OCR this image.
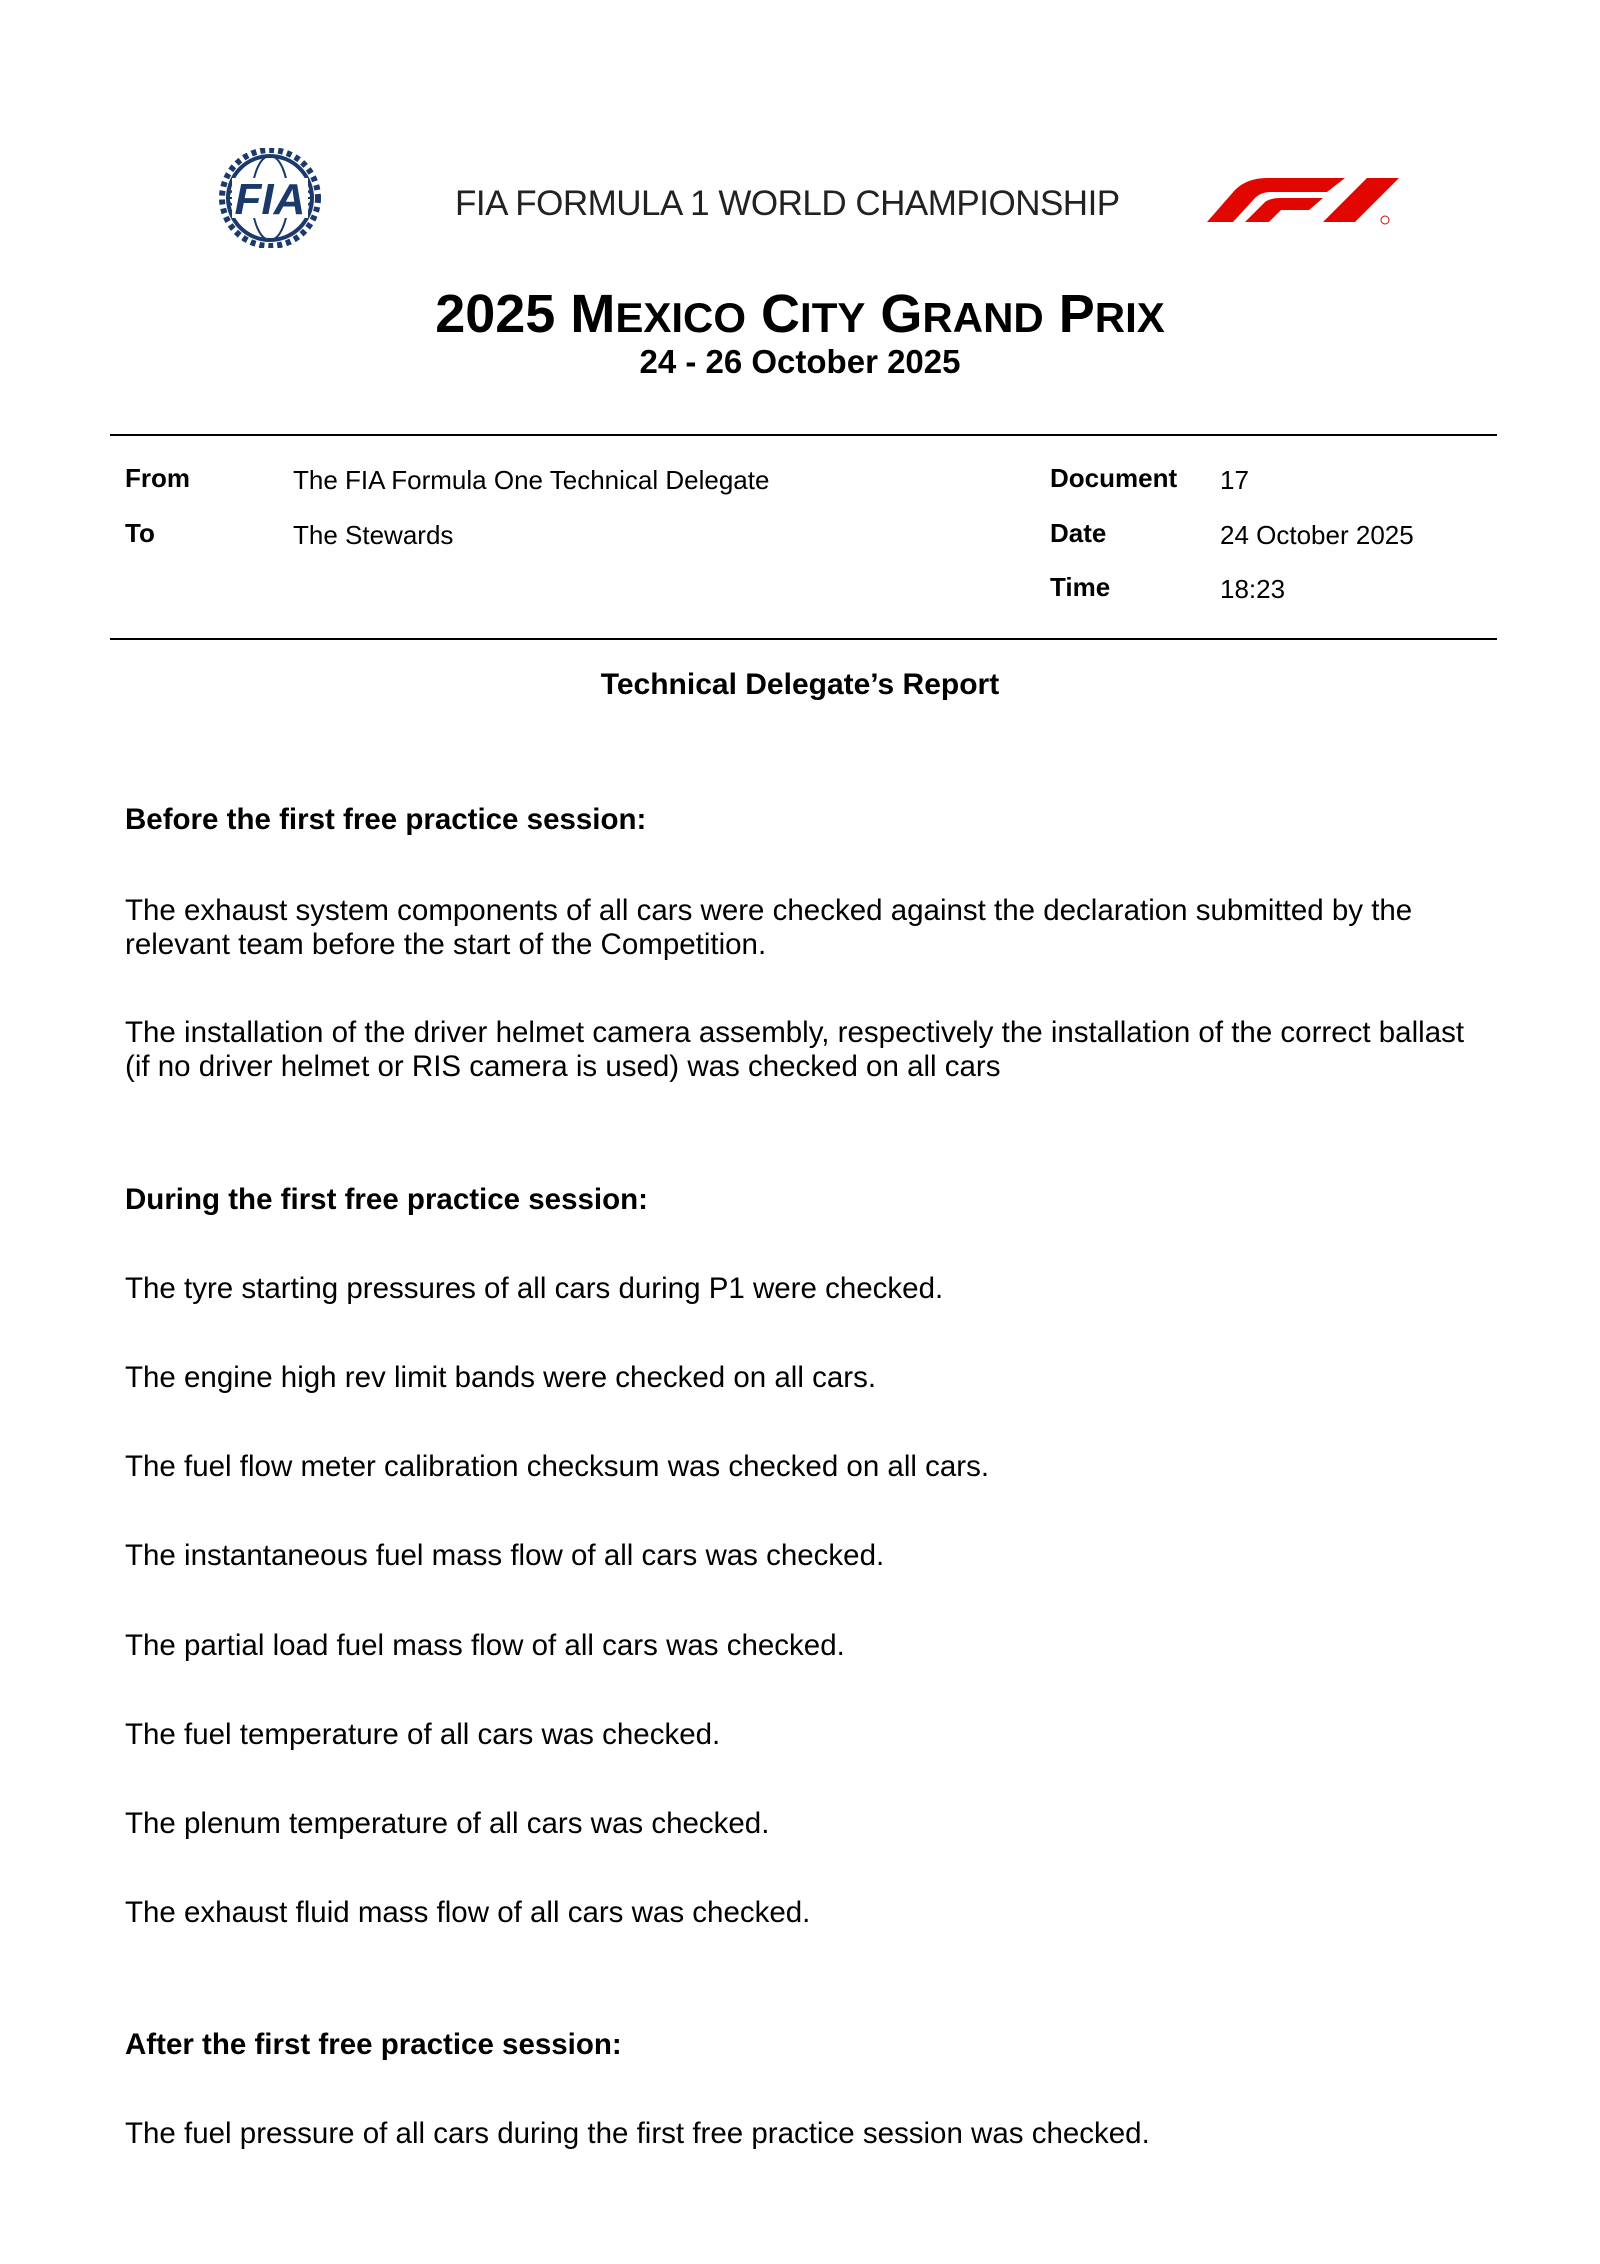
FIA	FIA FORMULA 1 WORLD CHAMPIONSHIP
2025 MEXICO CITY GRAND PRIX
24 - 26 October 2025
From	The FIA Formula One Technical Delegate
To	The Stewards
Document 17
Date	24 October 2025
Time	18:23
Technical Delegate’s Report
Before the first free practice session:
The exhaust system components of all cars were checked against the declaration submitted by the relevant team before the start of the Competition.
The installation of the driver helmet camera assembly, respectively the installation of the correct ballast (if no driver helmet or RIS camera is used) was checked on all cars
During the first free practice session:
The tyre starting pressures of all cars during P1 were checked.
The engine high rev limit bands were checked on all cars.
The fuel flow meter calibration checksum was checked on all cars.
The instantaneous fuel mass flow of all cars was checked.
The partial load fuel mass flow of all cars was checked.
The fuel temperature of all cars was checked.
The plenum temperature of all cars was checked.
The exhaust fluid mass flow of all cars was checked.
After the first free practice session:
The fuel pressure of all cars during the first free practice session was checked.
